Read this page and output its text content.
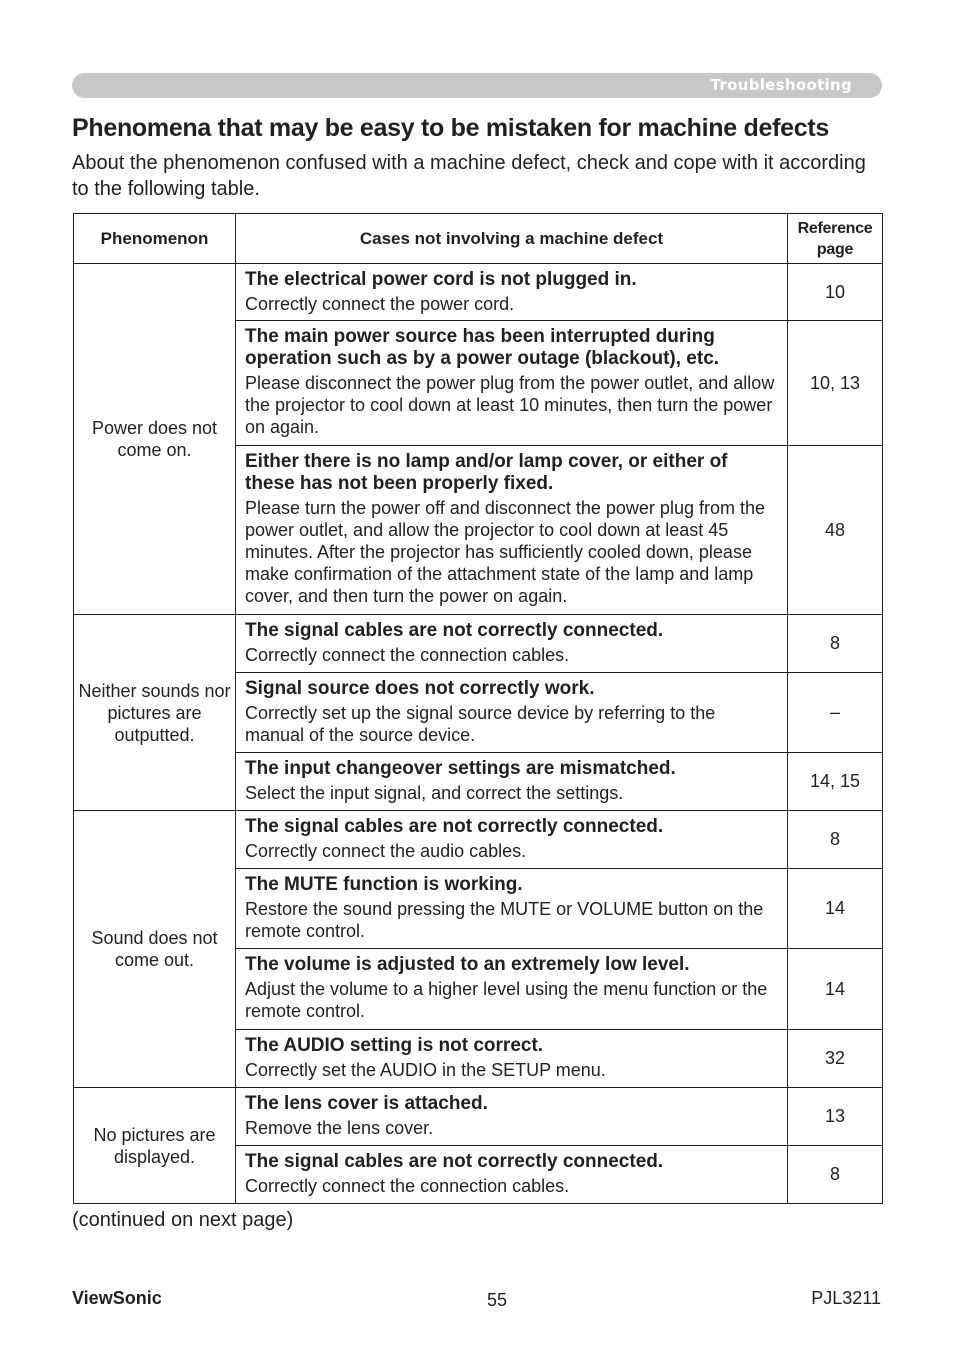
Troubleshooting
Phenomena that may be easy to be mistaken for machine defects
About the phenomenon confused with a machine defect, check and cope with it according to the following table.
Phenomenon	Cases not involving a machine defect	Reference
page
Power does not come on.	The electrical power cord is not plugged in.
Correctly connect the power cord.	10

	The main power source has been interrupted during operation such as by a power outage (blackout), etc.
Please disconnect the power plug from the power outlet, and allow the projector to cool down at least 10 minutes, then turn the power on again.	10, 13

	Either there is no lamp and/or lamp cover, or either of these has not been properly fixed.
Please turn the power off and disconnect the power plug from the power outlet, and allow the projector to cool down at least 45 minutes. After the projector has sufficiently cooled down, please make confirmation of the attachment state of the lamp and lamp cover, and then turn the power on again.	48
Neither sounds nor pictures are outputted.	The signal cables are not correctly connected.
Correctly connect the connection cables.	8

	Signal source does not correctly work.
Correctly set up the signal source device by referring to the manual of the source device.	–

	The input changeover settings are mismatched.
Select the input signal, and correct the settings.	14, 15
Sound does not come out.	The signal cables are not correctly connected.
Correctly connect the audio cables.	8

	The MUTE function is working.
Restore the sound pressing the MUTE or VOLUME button on the remote control.	14

	The volume is adjusted to an extremely low level.
Adjust the volume to a higher level using the menu function or the remote control.	14

	The AUDIO setting is not correct.
Correctly set the AUDIO in the SETUP menu.	32
No pictures are displayed.	The lens cover is attached.
Remove the lens cover.	13

	The signal cables are not correctly connected.
Correctly connect the connection cables.	8
(continued on next page)
ViewSonic	55	PJL3211
